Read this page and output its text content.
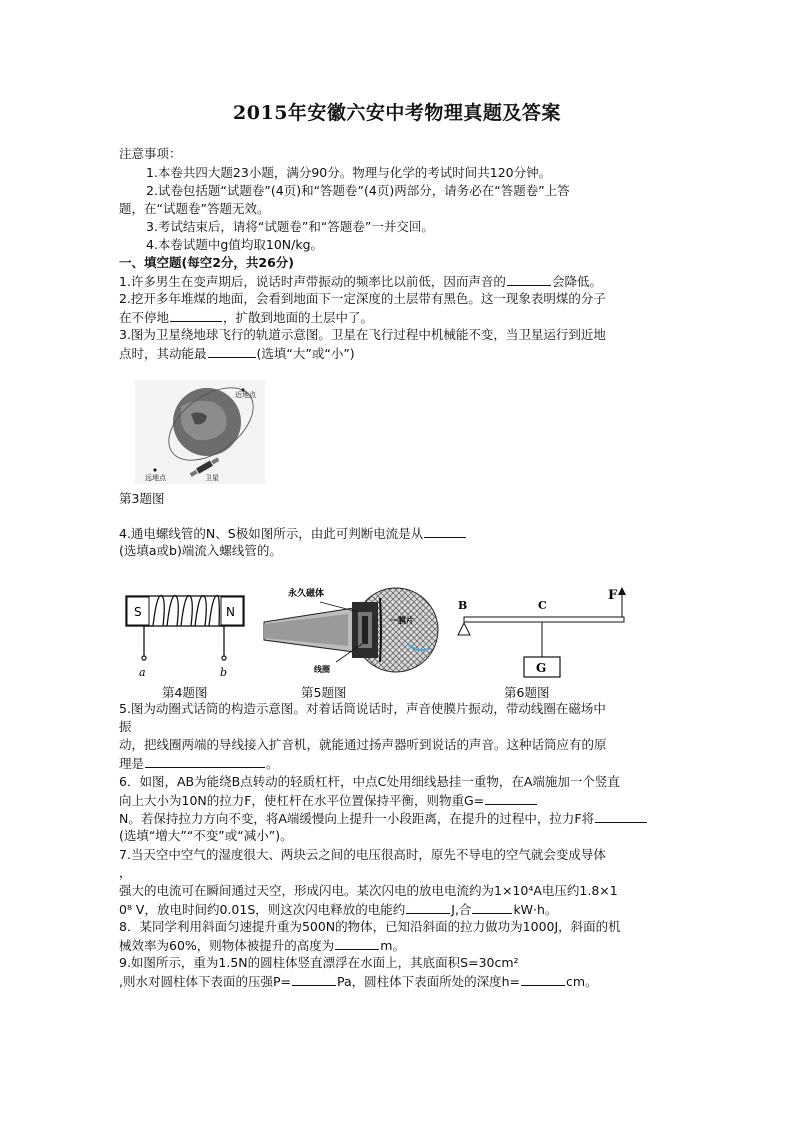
2015年安徽六安中考物理真题及答案
注意事项：
1.本卷共四大题23小题，满分90分。物理与化学的考试时间共120分钟。
2.试卷包括题“试题卷”(4页)和“答题卷”(4页)两部分，请务必在“答题卷”上答
题，在“试题卷”答题无效。
3.考试结束后，请将“试题卷”和“答题卷”一并交回。
4.本卷试题中g值均取10N/kg。
一、填空题(每空2分，共26分)
1.许多男生在变声期后，说话时声带振动的频率比以前低，因而声音的	会降低。
2.挖开多年堆煤的地面，会看到地面下一定深度的土层带有黑色。这一现象表明煤的分子
在不停地	，扩散到地面的土层中了。
3.图为卫星绕地球飞行的轨道示意图。卫星在飞行过程中机械能不变，当卫星运行到近地
点时，其动能最	(选填“大”或“小”)
近地点
远地点	卫星
第3题图
4.通电螺线管的N、S极如图所示，由此可判断电流是从
(选填a或b)端流入螺线管的。
S	N
a	b
第4题图
永久磁体
膜片
线圈
第5题图
B	C
F
G
第6题图
5.图为动圈式话筒的构造示意图。对着话筒说话时，声音使膜片振动，带动线圈在磁场中
振
动，把线圈两端的导线接入扩音机，就能通过扬声器听到说话的声音。这种话筒应有的原
理是	。
6．如图，AB为能绕B点转动的轻质杠杆，中点C处用细线悬挂一重物，在A端施加一个竖直
向上大小为10N的拉力F，使杠杆在水平位置保持平衡，则物重G=
N。若保持拉力方向不变，将A端缓慢向上提升一小段距离，在提升的过程中，拉力F将
(选填“增大”“不变”或“减小”)。
7.当天空中空气的湿度很大、两块云之间的电压很高时，原先不导电的空气就会变成导体
，
强大的电流可在瞬间通过天空，形成闪电。某次闪电的放电电流约为1×10⁴A电压约1.8×1
0⁸ V，放电时间约0.01S，则这次闪电释放的电能约	J,合	kW·h。
8．某同学利用斜面匀速提升重为500N的物体，已知沿斜面的拉力做功为1000J，斜面的机
械效率为60%，则物体被提升的高度为	m。
9.如图所示，重为1.5N的圆柱体竖直漂浮在水面上，其底面积S=30cm²
,则水对圆柱体下表面的压强P=	Pa，圆柱体下表面所处的深度h=	cm。
